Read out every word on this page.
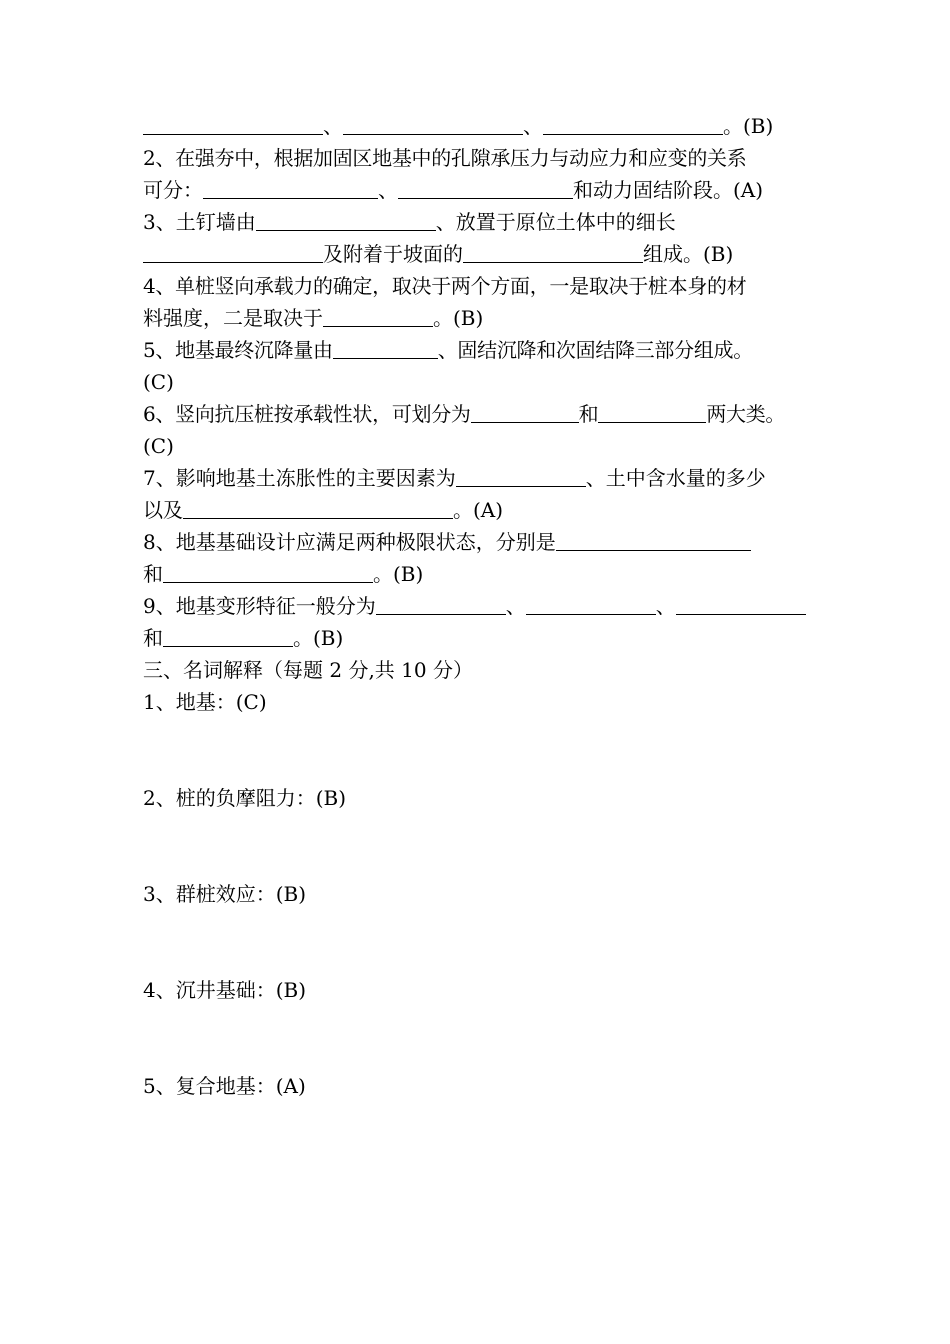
、	、	。(B)
2、在强夯中，根据加固区地基中的孔隙承压力与动应力和应变的关系
可分：	、	和动力固结阶段。(A)
3、土钉墙由	、放置于原位土体中的细长
及附着于坡面的	组成。(B)
4、单桩竖向承载力的确定，取决于两个方面，一是取决于桩本身的材
料强度，二是取决于	。(B)
5、地基最终沉降量由	、固结沉降和次固结降三部分组成。
(C)
6、竖向抗压桩按承载性状，可划分为	和	两大类。
(C)
7、影响地基土冻胀性的主要因素为	、土中含水量的多少
以及	。(A)
8、地基基础设计应满足两种极限状态，分别是
和	。(B)
9、地基变形特征一般分为	、	、
和	。(B)
三、名词解释（每题 2 分,共 10 分）
1、地基：(C)
2、桩的负摩阻力：(B)
3、群桩效应：(B)
4、沉井基础：(B)
5、复合地基：(A)
